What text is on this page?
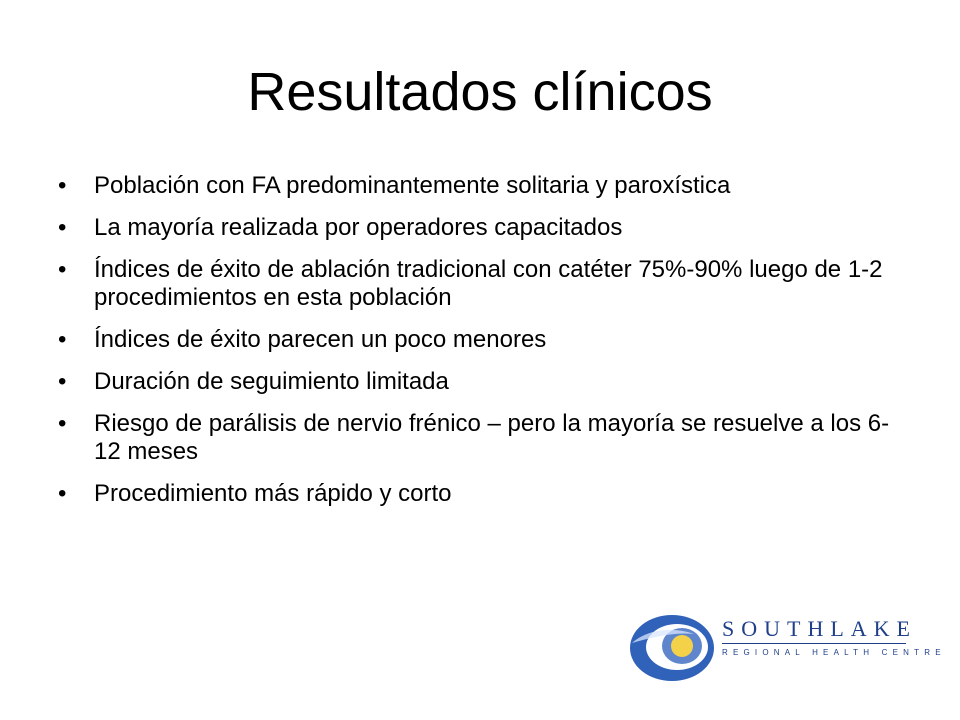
Resultados clínicos
•	Población con FA predominantemente solitaria y paroxística
•	La mayoría realizada por operadores capacitados
•	Índices de éxito de ablación tradicional con catéter 75%-90% luego de 1-2 procedimientos en esta población
•	Índices de éxito parecen un poco menores
•	Duración de seguimiento limitada
•	Riesgo de parálisis de nervio frénico – pero la mayoría se resuelve a los 6-12 meses
•	Procedimiento más rápido y corto
SOUTHLAKE
REGIONAL HEALTH CENTRE
